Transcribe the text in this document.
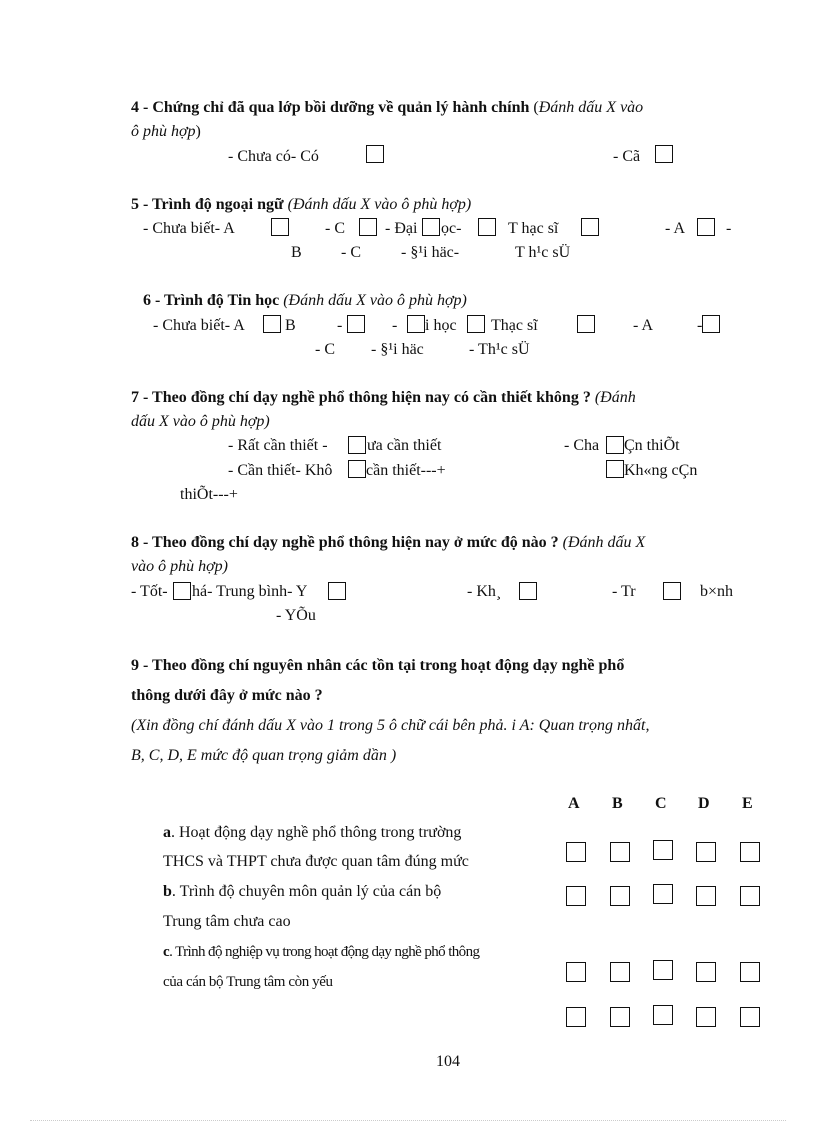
4 - Chứng chỉ đã qua lớp bồi dưỡng về quản lý hành chính (Đánh dấu X vào
ô phù hợp)
- Chưa có- Có	- Cã
5 - Trình độ ngoại ngữ (Đánh dấu X vào ô phù hợp)
- Chưa biết- A	- C	- Đại ọc-	T hạc sĩ	- A	-
B - C	- §¹i häc-	T h¹c sÜ
6 - Trình độ Tin học (Đánh dấu X vào ô phù hợp)
- Chưa biết- A	B	-	- i học Thạc sĩ	- A	-
- C - §¹i häc	- Th¹c sÜ
7 - Theo đồng chí dạy nghề phổ thông hiện nay có cần thiết không ? (Đánh
dấu X vào ô phù hợp)
- Rất cần thiết - ưa cần thiết	- Cha Çn thiÕt
- Cần thiết- Khô cần thiết---+	Kh«ng cÇn
thiÕt---+
8 - Theo đồng chí dạy nghề phổ thông hiện nay ở mức độ nào ? (Đánh dấu X
vào ô phù hợp)
- Tốt- há- Trung bình- Y	- Kh¸	- Tr	b×nh
- YÕu
9 - Theo đồng chí nguyên nhân các tồn tại trong hoạt động dạy nghề phổ
thông dưới đây ở mức nào ?
(Xin đồng chí đánh dấu X vào 1 trong 5 ô chữ cái bên phả. i A: Quan trọng nhất,
B, C, D, E mức độ quan trọng giảm dần )
A B C D E
a. Hoạt động dạy nghề phổ thông trong trường
THCS và THPT chưa được quan tâm đúng mức
b. Trình độ chuyên môn quản lý của cán bộ
Trung tâm chưa cao
c. Trình độ nghiệp vụ trong hoạt động dạy nghề phổ thông
của cán bộ Trung tâm còn yếu
104
